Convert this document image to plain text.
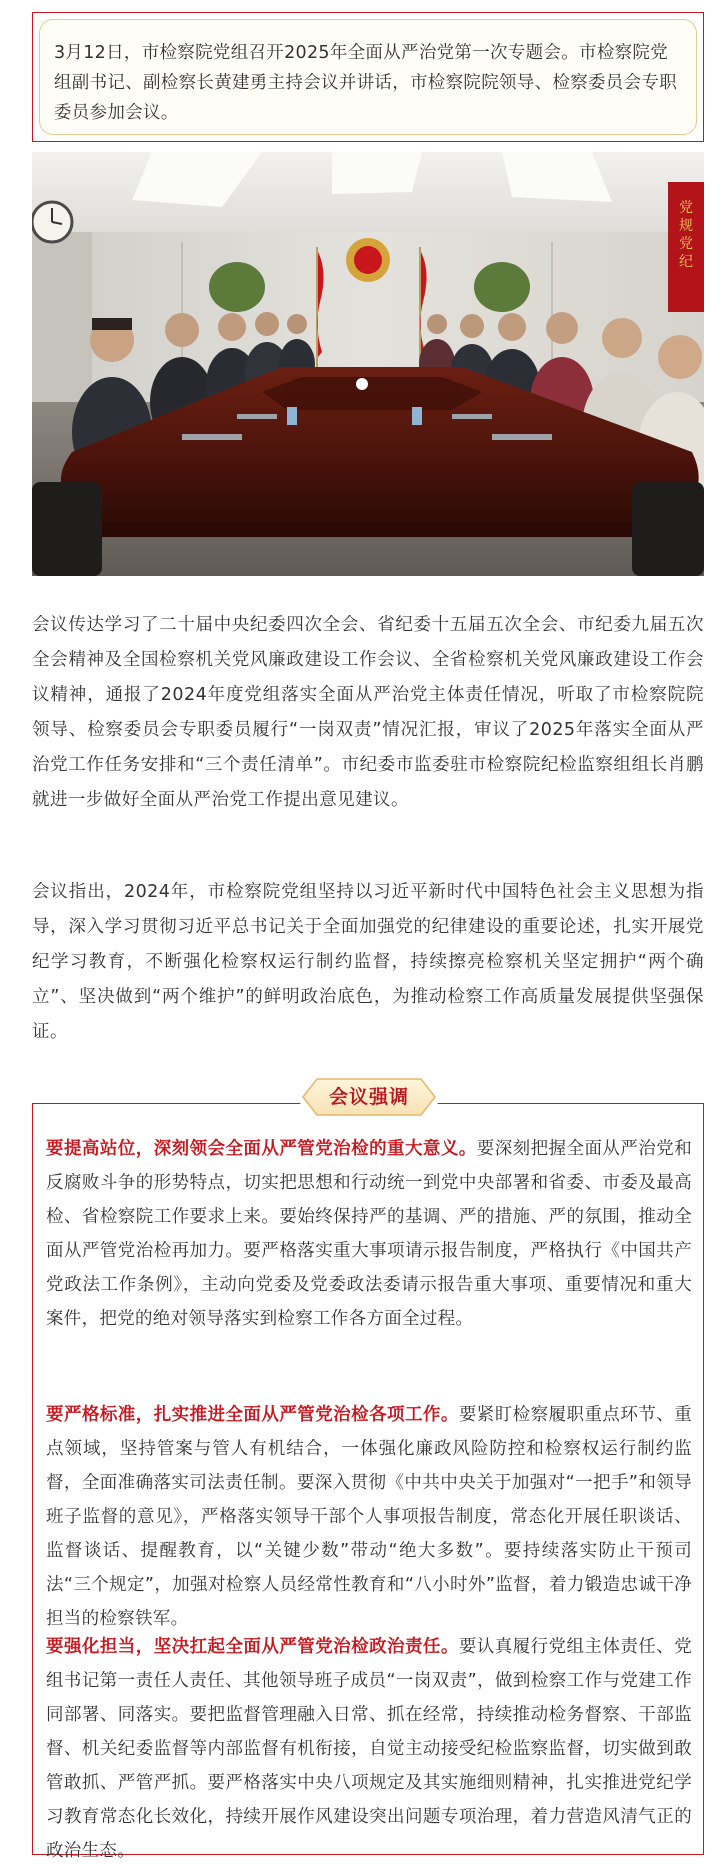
3月12日，市检察院党组召开2025年全面从严治党第一次专题会。市检察院党组副书记、副检察长黄建勇主持会议并讲话，市检察院院领导、检察委员会专职委员参加会议。
党规党纪
会议传达学习了二十届中央纪委四次全会、省纪委十五届五次全会、市纪委九届五次全会精神及全国检察机关党风廉政建设工作会议、全省检察机关党风廉政建设工作会议精神，通报了2024年度党组落实全面从严治党主体责任情况，听取了市检察院院领导、检察委员会专职委员履行“一岗双责”情况汇报，审议了2025年落实全面从严治党工作任务安排和“三个责任清单”。市纪委市监委驻市检察院纪检监察组组长肖鹏就进一步做好全面从严治党工作提出意见建议。
会议指出，2024年，市检察院党组坚持以习近平新时代中国特色社会主义思想为指导，深入学习贯彻习近平总书记关于全面加强党的纪律建设的重要论述，扎实开展党纪学习教育，不断强化检察权运行制约监督，持续擦亮检察机关坚定拥护“两个确立”、坚决做到“两个维护”的鲜明政治底色，为推动检察工作高质量发展提供坚强保证。
会议强调
要提高站位，深刻领会全面从严管党治检的重大意义。要深刻把握全面从严治党和反腐败斗争的形势特点，切实把思想和行动统一到党中央部署和省委、市委及最高检、省检察院工作要求上来。要始终保持严的基调、严的措施、严的氛围，推动全面从严管党治检再加力。要严格落实重大事项请示报告制度，严格执行《中国共产党政法工作条例》，主动向党委及党委政法委请示报告重大事项、重要情况和重大案件，把党的绝对领导落实到检察工作各方面全过程。
要严格标准，扎实推进全面从严管党治检各项工作。要紧盯检察履职重点环节、重点领域，坚持管案与管人有机结合，一体强化廉政风险防控和检察权运行制约监督，全面准确落实司法责任制。要深入贯彻《中共中央关于加强对“一把手”和领导班子监督的意见》，严格落实领导干部个人事项报告制度，常态化开展任职谈话、监督谈话、提醒教育，以“关键少数”带动“绝大多数”。要持续落实防止干预司法“三个规定”，加强对检察人员经常性教育和“八小时外”监督，着力锻造忠诚干净担当的检察铁军。
要强化担当，坚决扛起全面从严管党治检政治责任。要认真履行党组主体责任、党组书记第一责任人责任、其他领导班子成员“一岗双责”，做到检察工作与党建工作同部署、同落实。要把监督管理融入日常、抓在经常，持续推动检务督察、干部监督、机关纪委监督等内部监督有机衔接，自觉主动接受纪检监察监督，切实做到敢管敢抓、严管严抓。要严格落实中央八项规定及其实施细则精神，扎实推进党纪学习教育常态化长效化，持续开展作风建设突出问题专项治理，着力营造风清气正的政治生态。
